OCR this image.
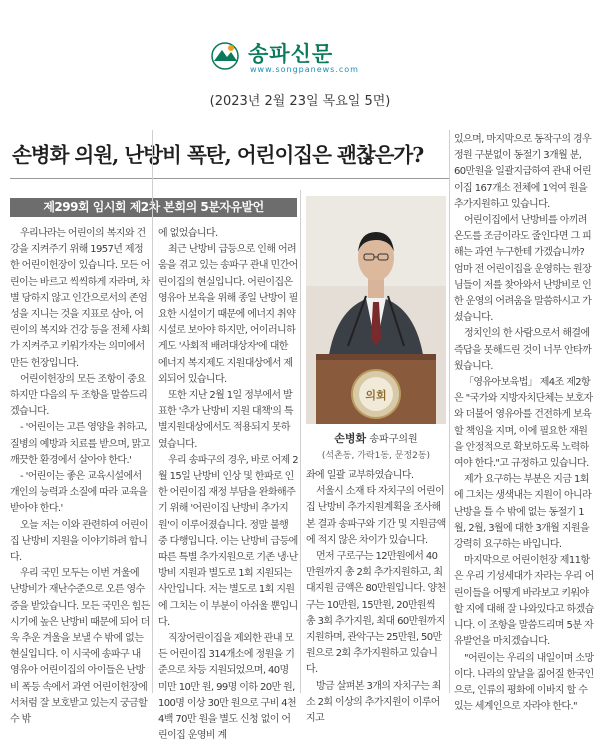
송파신문
www.songpanews.com
(2023년 2월 23일 목요일 5면)
손병화 의원, 난방비 폭탄, 어린이집은 괜찮은가?
제299회 임시회 제2차 본회의 5분자유발언

우리나라는 어린이의 복지와 건강을 지켜주기 위해 1957년 제정한 어린이헌장이 있습니다. 모든 어린이는 바르고 씩씩하게 자라며, 차별 당하지 않고 인간으로서의 존엄성을 지니는 것을 지표로 삼아, 어린이의 복지와 건강 등을 전체 사회가 지켜주고 키워가자는 의미에서 만든 헌장입니다.

어린이헌장의 모든 조항이 중요하지만 다음의 두 조항을 말씀드리겠습니다.

- '어린이는 고른 영양을 취하고, 질병의 예방과 치료를 받으며, 맑고 깨끗한 환경에서 살아야 한다.'

- '어린이는 좋은 교육시설에서 개인의 능력과 소질에 따라 교육을 받아야 한다.'

오늘 저는 이와 관련하여 어린이집 난방비 지원을 이야기하려 합니다.

우리 국민 모두는 이번 겨울에 난방비가 재난수준으로 오른 영수증을 받았습니다. 모든 국민은 힘든 시기에 높은 난방비 때문에 되어 더 욱 추운 겨울을 보낼 수 밖에 없는 현실입니다. 이 시국에 송파구 내 영유아 어린이집의 아이들은 난방비 폭등 속에서 과연 어린이헌장에서처럼 잘 보호받고 있는지 궁금할 수 밖

에 없었습니다.

최근 난방비 급등으로 인해 어려움을 겪고 있는 송파구 관내 민간어린이집의 현실입니다. 어린이집은 영유아 보육을 위해 종일 난방이 필요한 시설이기 때문에 에너지 취약시설로 보아야 하지만, 어이러니하게도 '사회적 배려대상자'에 대한 에너지 복지제도 지원대상에서 제외되어 있습니다.

또한 지난 2월 1일 정부에서 발표한 '추가 난방비 지원 대책'의 특별지원대상에서도 적용되지 못하였습니다.

우리 송파구의 경우, 바로 어제 2월 15일 난방비 인상 및 한파로 인한 어린이집 재정 부담을 완화해주기 위해 '어린이집 난방비 추가지원'이 이루어졌습니다. 정말 불행 중 다행입니다. 이는 난방비 급등에 따른 특별 추가지원으로 기존 냉·난방비 지원과 별도로 1회 지원되는 사안입니다. 저는 별도로 1회 지원에 그치는 이 부분이 아쉬울 뿐입니다.

직장어린이집을 제외한 관내 모든 어린이집 314개소에 정원을 기준으로 차등 지원되었으며, 40명 미만 10만 원, 99명 이하 20만 원, 100명 이상 30만 원으로 구비 4천 4백 70만 원을 별도 신청 없이 어린이집 운영비 계

의회
손병화 송파구의원
(석촌동, 가락1동, 문정2동)

좌에 일괄 교부하였습니다.

서울시 소재 타 자치구의 어린이집 난방비 추가지원계획을 조사해 본 결과 송파구와 기간 및 지원금액에 적지 않은 차이가 있습니다.

먼저 구로구는 12만원에서 40만원까지 총 2회 추가지원하고, 최대지원 금액은 80만원입니다. 양천구는 10만원, 15만원, 20만원씩 총 3회 추가지원, 최대 60만원까지 지원하며, 관악구는 25만원, 50만원으로 2회 추가지원하고 있습니다.

방금 살펴본 3개의 자치구는 최소 2회 이상의 추가지원이 이루어지고

있으며, 마지막으로 동작구의 경우 정원 구분없이 동절기 3개월 분, 60만원을 일괄지급하여 관내 어린이집 167개소 전체에 1억여 원을 추가지원하고 있습니다.

어린이집에서 난방비를 아끼려 온도를 조금이라도 줄인다면 그 피해는 과연 누구한테 가겠습니까? 엄마 전 어린이집을 운영하는 원장님들이 저를 찾아와서 난방비로 인한 운영의 어려움을 말씀하시고 가셨습니다.

정치인의 한 사람으로서 해결에 즉답을 못해드린 것이 너무 안타까웠습니다.

「영유아보육법」 제4조 제2항은 "국가와 지방자치단체는 보호자와 더불어 영유아를 건전하게 보육할 책임을 지며, 이에 필요한 재원을 안정적으로 확보하도록 노력하여야 한다."고 규정하고 있습니다.

제가 요구하는 부분은 지금 1회에 그치는 생색내는 지원이 아니라 난방을 틀 수 밖에 없는 동절기 1월, 2월, 3월에 대한 3개월 지원을 강력히 요구하는 바입니다.

마지막으로 어린이헌장 제11항은 우리 기성세대가 자라는 우리 어린이들을 어떻게 바라보고 키워야할 지에 대해 잘 나와있다고 하겠습니다. 이 조항을 말씀드리며 5분 자유발언을 마치겠습니다.

"어린이는 우리의 내일이며 소망이다. 나라의 앞날을 짊어질 한국인으로, 인류의 평화에 이바지 할 수 있는 세계인으로 자라야 한다."
